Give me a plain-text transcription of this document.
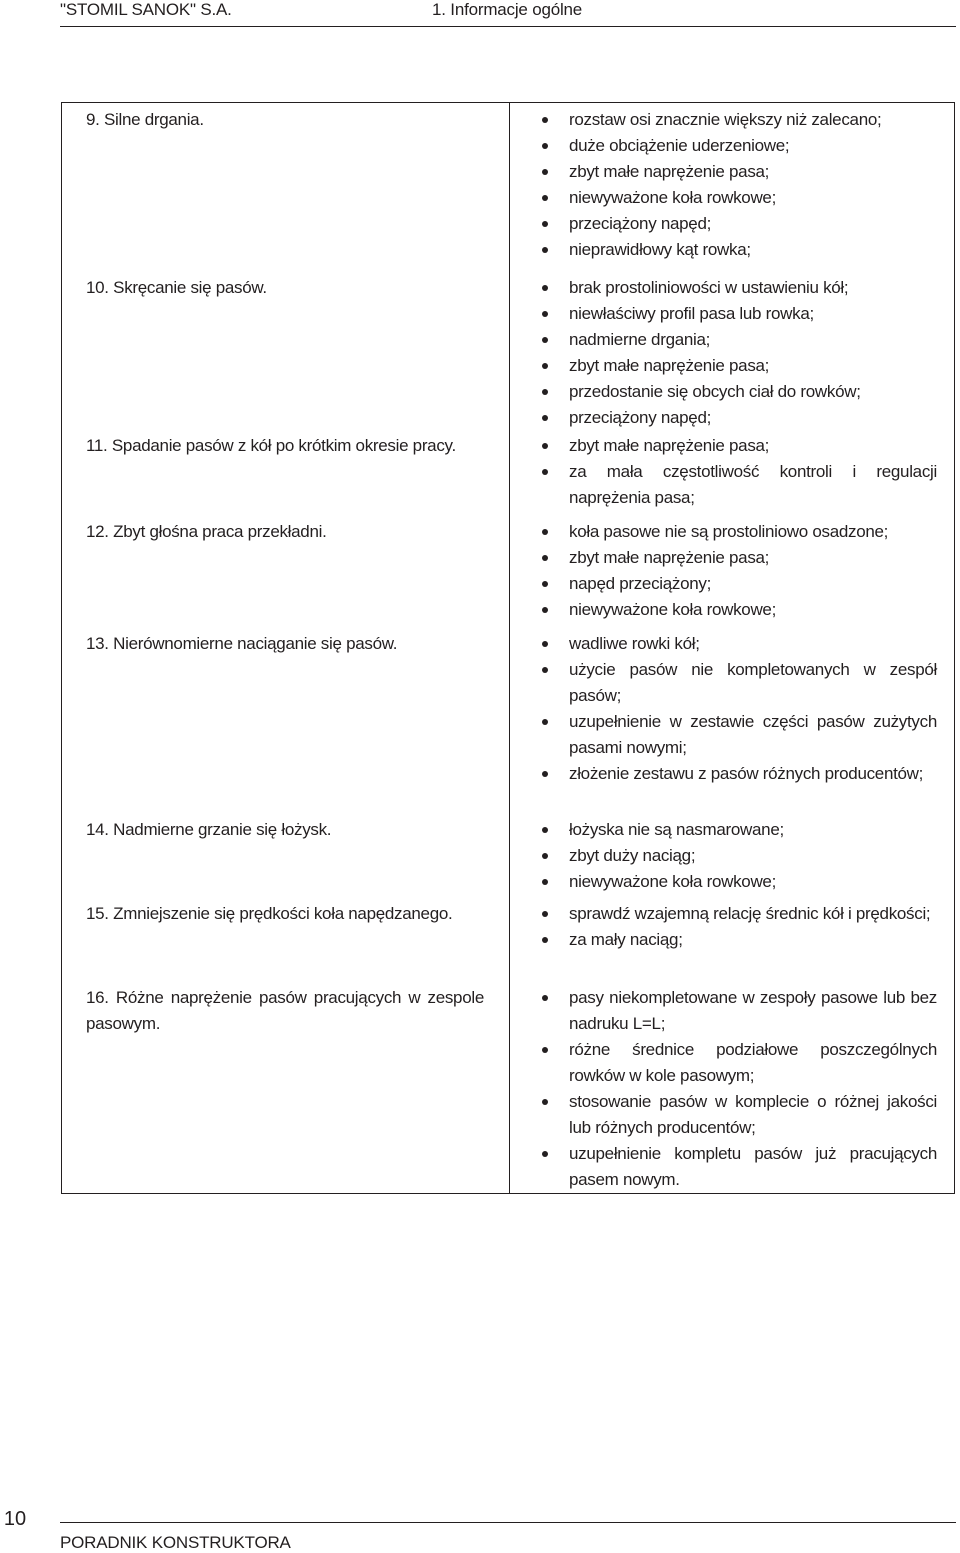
"STOMIL SANOK" S.A.	1. Informacje ogólne
9. Silne drgania.	rozstaw osi znacznie większy niż zalecano;
duże obciążenie uderzeniowe;
zbyt małe naprężenie pasa;
niewyważone koła rowkowe;
przeciążony napęd;
nieprawidłowy kąt rowka;
10. Skręcanie się pasów.	brak prostoliniowości w ustawieniu kół;
niewłaściwy profil pasa lub rowka;
nadmierne drgania;
zbyt małe naprężenie pasa;
przedostanie się obcych ciał do rowków;
przeciążony napęd;
11. Spadanie pasów z kół po krótkim okresie pracy.	zbyt małe naprężenie pasa;
za mała częstotliwość kontroli i regulacji naprężenia pasa;
12. Zbyt głośna praca przekładni.	koła pasowe nie są prostoliniowo osadzone;
zbyt małe naprężenie pasa;
napęd przeciążony;
niewyważone koła rowkowe;
13. Nierównomierne naciąganie się pasów.	wadliwe rowki kół;
użycie pasów nie kompletowanych w zespół pasów;
uzupełnienie w zestawie części pasów zużytych pasami nowymi;
złożenie zestawu z pasów różnych producentów;
14. Nadmierne grzanie się łożysk.	łożyska nie są nasmarowane;
zbyt duży naciąg;
niewyważone koła rowkowe;
15. Zmniejszenie się prędkości koła napędzanego.	sprawdź wzajemną relację średnic kół i prędkości;
za mały naciąg;
16. Różne naprężenie pasów pracujących w zespole pasowym.
pasy niekompletowane w zespoły pasowe lub bez nadruku L=L;
różne średnice podziałowe poszczególnych rowków w kole pasowym;
stosowanie pasów w komplecie o różnej jakości lub różnych producentów;
uzupełnienie kompletu pasów już pracujących pasem nowym.
10
PORADNIK KONSTRUKTORA
